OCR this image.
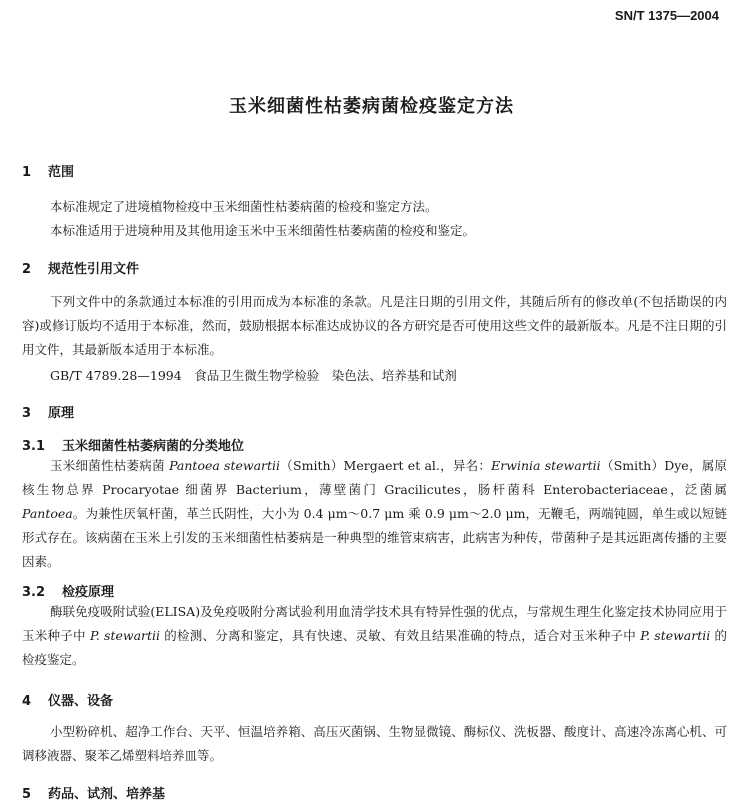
SN/T 1375—2004
玉米细菌性枯萎病菌检疫鉴定方法
1 范围
本标准规定了进境植物检疫中玉米细菌性枯萎病菌的检疫和鉴定方法。
本标准适用于进境种用及其他用途玉米中玉米细菌性枯萎病菌的检疫和鉴定。
2 规范性引用文件

下列文件中的条款通过本标准的引用而成为本标准的条款。凡是注日期的引用文件，其随后所有的修改单(不包括勘误的内容)或修订版均不适用于本标准，然而，鼓励根据本标准达成协议的各方研究是否可使用这些文件的最新版本。凡是不注日期的引用文件，其最新版本适用于本标准。

GB/T 4789.28—1994　食品卫生微生物学检验　染色法、培养基和试剂
3 原理
3.1 玉米细菌性枯萎病菌的分类地位

玉米细菌性枯萎病菌 Pantoea stewartii（Smith）Mergaert et al.，异名：Erwinia stewartii（Smith）Dye，属原核生物总界 Procaryotae 细菌界 Bacterium，薄壁菌门 Gracilicutes，肠杆菌科 Enterobacteriaceae，泛菌属 Pantoea。为兼性厌氧杆菌，革兰氏阴性，大小为 0.4 μm～0.7 μm 乘 0.9 μm～2.0 μm，无鞭毛，两端钝圆，单生或以短链形式存在。该病菌在玉米上引发的玉米细菌性枯萎病是一种典型的维管束病害，此病害为种传，带菌种子是其远距离传播的主要因素。

3.2 检疫原理

酶联免疫吸附试验(ELISA)及免疫吸附分离试验利用血清学技术具有特异性强的优点，与常规生理生化鉴定技术协同应用于玉米种子中 P. stewartii 的检测、分离和鉴定，具有快速、灵敏、有效且结果准确的特点，适合对玉米种子中 P. stewartii 的检疫鉴定。

4 仪器、设备

小型粉碎机、超净工作台、天平、恒温培养箱、高压灭菌锅、生物显微镜、酶标仪、洗板器、酸度计、高速冷冻离心机、可调移液器、聚苯乙烯塑料培养皿等。

5 药品、试剂、培养基
